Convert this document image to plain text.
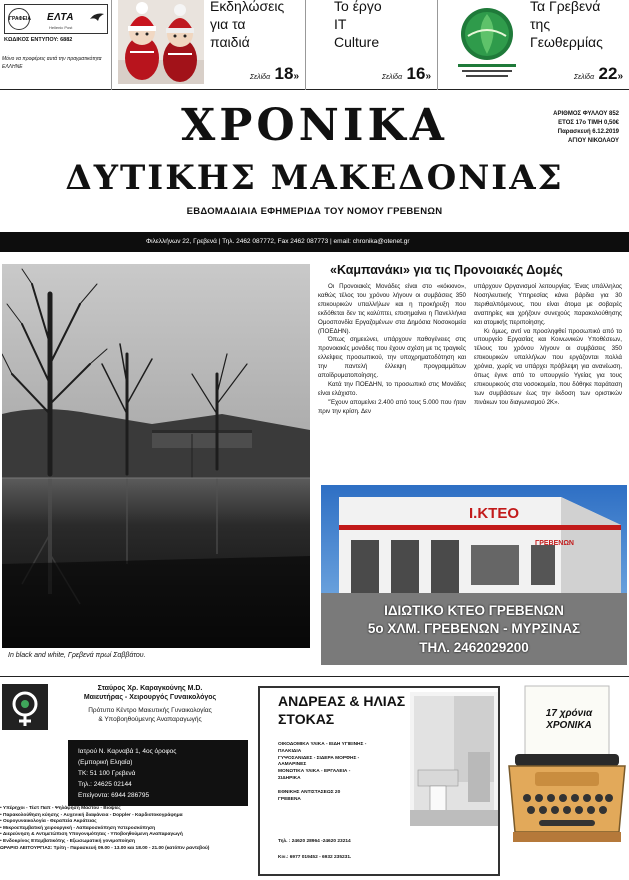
ΓΡΑΦΕΙΑ ΕΛΤΑ
Hellenic Post
ΚΩΔΙΚΟΣ ΕΝΤΥΠΟΥ: 6882
Μόνο να προφέρεις αυτά την πραγματικότητα ΕΛΛΗΝΕ
Εκδηλώσεις
για τα
παιδιά
Σελίδα 18»
Το έργο
IT
Culture
Σελίδα 16»
Τα Γρεβενά
της
Γεωθερμίας
Σελίδα 22»
ΧΡΟΝΙΚΑ
ΔΥΤΙΚΗΣ ΜΑΚΕΔΟΝΙΑΣ
ΕΒΔΟΜΑΔΙΑΙΑ ΕΦΗΜΕΡΙΔΑ ΤΟΥ ΝΟΜΟΥ ΓΡΕΒΕΝΩΝ
ΑΡΙΘΜΟΣ ΦΥΛΛΟΥ 852
ΕΤΟΣ 17ο ΤΙΜΗ 0,50€
Παρασκευή 6.12.2019
ΑΓΙΟΥ ΝΙΚΟΛΑΟΥ
Φιλελλήνων 22, Γρεβενά | Τηλ. 2462 087772, Fax 2462 087773 | email: chronika@otenet.gr
In black and white, Γρεβενά πρωί Σαββάτου.
«Καμπανάκι» για τις Προνοιακές Δομές

Οι Προνοιακές Μονάδες είναι στο «κόκκινο», καθώς τέλος του χρόνου λήγουν οι συμβάσεις 350 επικουρικών υπαλλήλων και η προκήρυξη που εκδόθεται δεν τις καλύπτει, επισημαίνει η Πανελλήνια Ομοσπονδία Εργαζομένων στα Δημόσια Νοσοκομεία (ΠΟΕΔΗΝ).

Όπως σημειώνει, υπάρχουν παθογένειες στις προνοιακές μονάδες που έχουν σχέση με τις τραγικές ελλείψεις προσωπικού, την υποχρηματοδότηση και την παντελή έλλειψη προγραμμάτων αποϊδρυματοποίησης.

Κατά την ΠΟΕΔΗΝ, το προσωπικό στις Μονάδες είναι ελάχιστο.

"Έχουν απομείνει 2.400 από τους 5.000 που ήταν πριν την κρίση. Δεν

υπάρχουν Οργανισμοί λειτουργίας. Ένας υπάλληλος Νοσηλευτικής Υπηρεσίας κάνει βάρδια για 30 περιθαλπόμενους, που είναι άτομα με σοβαρές αναπηρίες και χρήζουν συνεχούς παρακολούθησης και ατομικής περιποίησης.

Κι όμως, αντί να προσληφθεί προσωπικό από το υπουργείο Εργασίας και Κοινωνικών Υποθέσεων, τέλους του χρόνου λήγουν οι συμβάσεις 350 επικουρικών υπαλλήλων που εργάζονται πολλά χρόνια, χωρίς να υπάρχει πρόβλεψη για ανανέωση, όπως έγινε από το υπουργείο Υγείας για τους επικουρικούς στα νοσοκομεία, που δόθηκε παράταση των συμβάσεων έως την έκδοση των οριστικών πινάκων του διαγωνισμού 2Κ».

I.KTEO
ΓΡΕΒΕΝΩΝ
ΙΔΙΩΤΙΚΟ ΚΤΕΟ ΓΡΕΒΕΝΩΝ
5ο ΧΛΜ. ΓΡΕΒΕΝΩΝ - ΜΥΡΣΙΝΑΣ
ΤΗΛ. 2462029200
Σταύρος Χρ. Καραγκούνης M.D.
Μαιευτήρας - Χειρουργός Γυναικολόγος
Πρότυπο Κέντρο Μαιευτικής Γυναικολογίας
& Υποβοηθούμενης Αναπαραγωγής
Ιατρού Ν. Καρναβά 1, 4ος όροφος
(Εμπορική Εληαία)
ΤΚ: 51 100 Γρεβενά
Τηλ.: 24625 02144
Επείγοντα: 6944 286795
• Υπέρηχοι - Τέστ Παπ - Ψηλάφηση Μαστού - Βιοψίες
• Παρακολούθηση κύησης - Αυχενική διαφάνεια - Doppler - Καρδιοτοκογράφημα
• Ουρογυναικολογία - Θεραπεία Ακράτειας
• Μικροεπεμβατική χειρουργική - Λαπαροσκόπηση Υστεροσκόπηση
• Διερεύνηση & Αντιμετώπιση Υπογονιμότητας - Υποβοηθούμενη Αναπαραγωγή
• Ενδοκρίνος Επεμβατικότης - Εξωσωματική γονιμοποίηση
ΩΡΑΡΙΟ ΛΕΙΤΟΥΡΓΙΑΣ: Τρίτη - Παρασκευή 09.00 - 13.00 και 18.00 - 21.00 (κατόπιν ραντεβού)
ΑΝΔΡΕΑΣ & ΗΛΙΑΣ
ΣΤΟΚΑΣ
ΟΙΚΟΔΟΜΙΚΑ ΥΛΙΚΑ - ΕΙΔΗ ΥΓΙΕΙΝΗΣ -
ΠΛΑΚΙΔΙΑ
ΓΥΨΟΣΑΝΙΔΕΣ - ΣΙΔΕΡΑ ΜΟΡΦΗΣ -
ΛΑΜΑΡΙΝΕΣ
ΜΟΝΩΤΙΚΑ ΥΛΙΚΑ - ΕΡΓΑΛΕΙΑ -
ΣΙΔΗΡΙΚΑ
ΕΘΝΙΚΗΣ ΑΝΤΙΣΤΑΣΕΩΣ 20
ΓΡΕΒΕΝΑ
Τηλ. : 24620 28964 -24620 23214
Κιν.: 6977 019452 - 6932 235231.
17 χρόνια
ΧΡΟΝΙΚΑ
